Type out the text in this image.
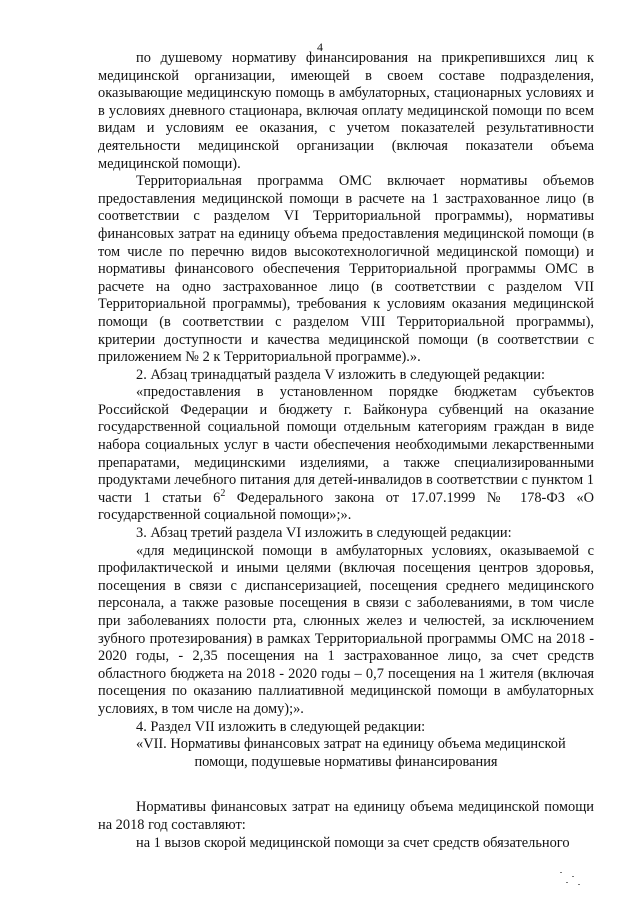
4

по душевому нормативу финансирования на прикрепившихся лиц к медицинской организации, имеющей в своем составе подразделения, оказывающие медицинскую помощь в амбулаторных, стационарных условиях и в условиях дневного стационара, включая оплату медицинской помощи по всем видам и условиям ее оказания, с учетом показателей результативности деятельности медицинской организации (включая показатели объема медицинской помощи).

Территориальная программа ОМС включает нормативы объемов предоставления медицинской помощи в расчете на 1 застрахованное лицо (в соответствии с разделом VI Территориальной программы), нормативы финансовых затрат на единицу объема предоставления медицинской помощи (в том числе по перечню видов высокотехнологичной медицинской помощи) и нормативы финансового обеспечения Территориальной программы ОМС в расчете на одно застрахованное лицо (в соответствии с разделом VII Территориальной программы), требования к условиям оказания медицинской помощи (в соответствии с разделом VIII Территориальной программы), критерии доступности и качества медицинской помощи (в соответствии с приложением № 2 к Территориальной программе).».

2. Абзац тринадцатый раздела V изложить в следующей редакции:

«предоставления в установленном порядке бюджетам субъектов Российской Федерации и бюджету г. Байконура субвенций на оказание государственной социальной помощи отдельным категориям граждан в виде набора социальных услуг в части обеспечения необходимыми лекарственными препаратами, медицинскими изделиями, а также специализированными продуктами лечебного питания для детей-инвалидов в соответствии с пунктом 1 части 1 статьи $6^2$ Федерального закона от 17.07.1999 № 178-ФЗ «О государственной социальной помощи»;».

3. Абзац третий раздела VI изложить в следующей редакции:

«для медицинской помощи в амбулаторных условиях, оказываемой с профилактической и иными целями (включая посещения центров здоровья, посещения в связи с диспансеризацией, посещения среднего медицинского персонала, а также разовые посещения в связи с заболеваниями, в том числе при заболеваниях полости рта, слюнных желез и челюстей, за исключением зубного протезирования) в рамках Территориальной программы ОМС на 2018 - 2020 годы, - 2,35 посещения на 1 застрахованное лицо, за счет средств областного бюджета на 2018 - 2020 годы – 0,7 посещения на 1 жителя (включая посещения по оказанию паллиативной медицинской помощи в амбулаторных условиях, в том числе на дому);».

4. Раздел VII изложить в следующей редакции:

«VII. Нормативы финансовых затрат на единицу объема медицинской

помощи, подушевые нормативы финансирования

Нормативы финансовых затрат на единицу объема медицинской помощи на 2018 год составляют:

на 1 вызов скорой медицинской помощи за счет средств обязательного
